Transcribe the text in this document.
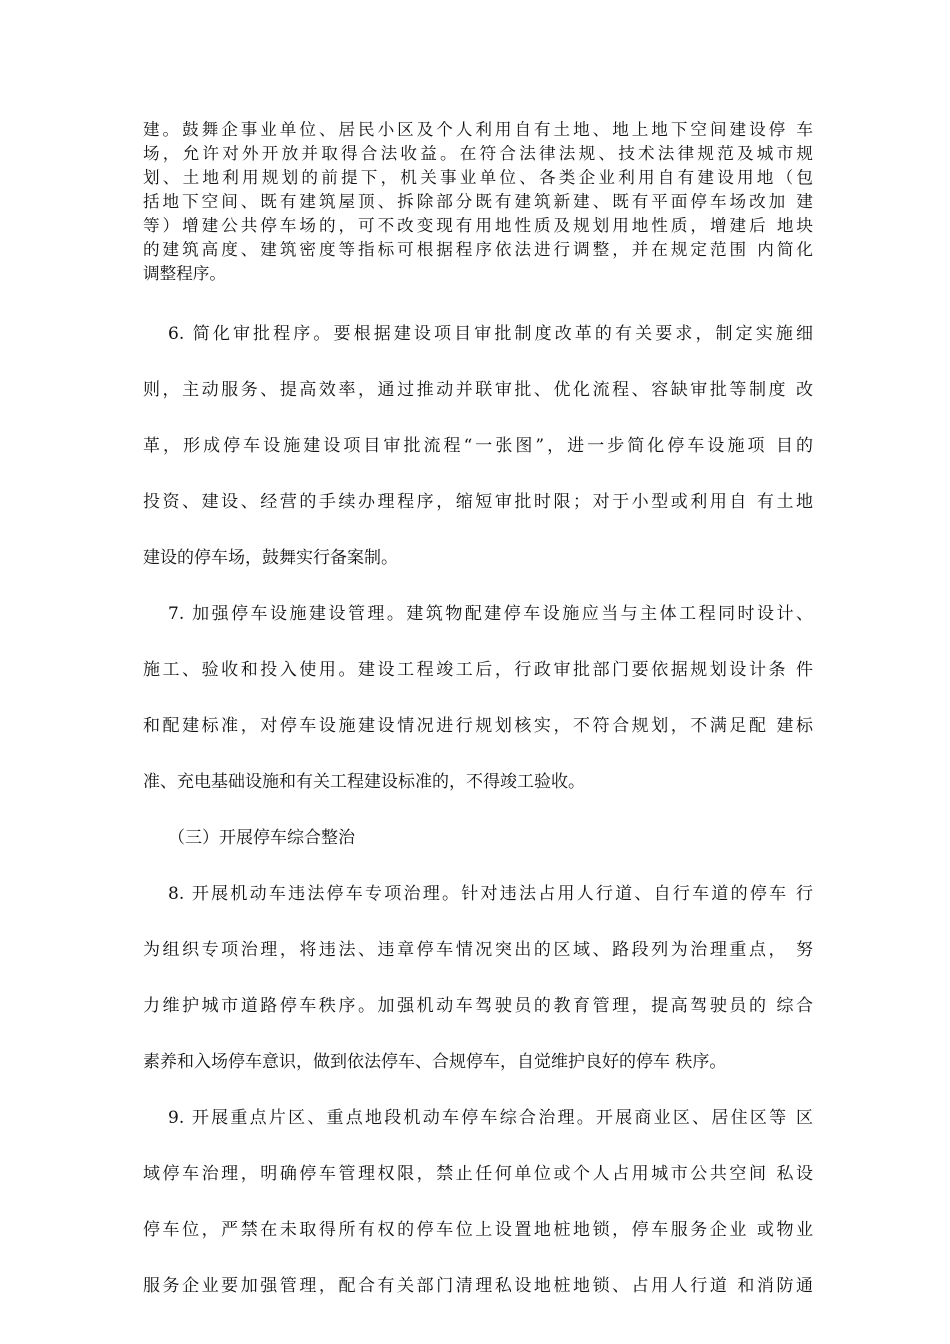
建。鼓舞企事业单位、居民小区及个人利用自有土地、地上地下空间建设停 车
场，允许对外开放并取得合法收益。在符合法律法规、技术法律规范及城市规
划、土地利用规划的前提下，机关事业单位、各类企业利用自有建设用地（包
括地下空间、既有建筑屋顶、拆除部分既有建筑新建、既有平面停车场改加 建
等）增建公共停车场的，可不改变现有用地性质及规划用地性质，增建后 地块
的建筑高度、建筑密度等指标可根据程序依法进行调整，并在规定范围 内简化
调整程序。
6. 简化审批程序。要根据建设项目审批制度改革的有关要求，制定实施细
则，主动服务、提高效率，通过推动并联审批、优化流程、容缺审批等制度 改
革，形成停车设施建设项目审批流程“一张图”，进一步简化停车设施项 目的
投资、建设、经营的手续办理程序，缩短审批时限；对于小型或利用自 有土地
建设的停车场，鼓舞实行备案制。
7. 加强停车设施建设管理。建筑物配建停车设施应当与主体工程同时设计、
施工、验收和投入使用。建设工程竣工后，行政审批部门要依据规划设计条 件
和配建标准，对停车设施建设情况进行规划核实，不符合规划，不满足配 建标
准、充电基础设施和有关工程建设标准的，不得竣工验收。
（三）开展停车综合整治
8. 开展机动车违法停车专项治理。针对违法占用人行道、自行车道的停车 行
为组织专项治理，将违法、违章停车情况突出的区域、路段列为治理重点， 努
力维护城市道路停车秩序。加强机动车驾驶员的教育管理，提高驾驶员的 综合
素养和入场停车意识，做到依法停车、合规停车，自觉维护良好的停车 秩序。
9. 开展重点片区、重点地段机动车停车综合治理。开展商业区、居住区等 区
域停车治理，明确停车管理权限，禁止任何单位或个人占用城市公共空间 私设
停车位，严禁在未取得所有权的停车位上设置地桩地锁，停车服务企业 或物业
服务企业要加强管理，配合有关部门清理私设地桩地锁、占用人行道 和消防通
